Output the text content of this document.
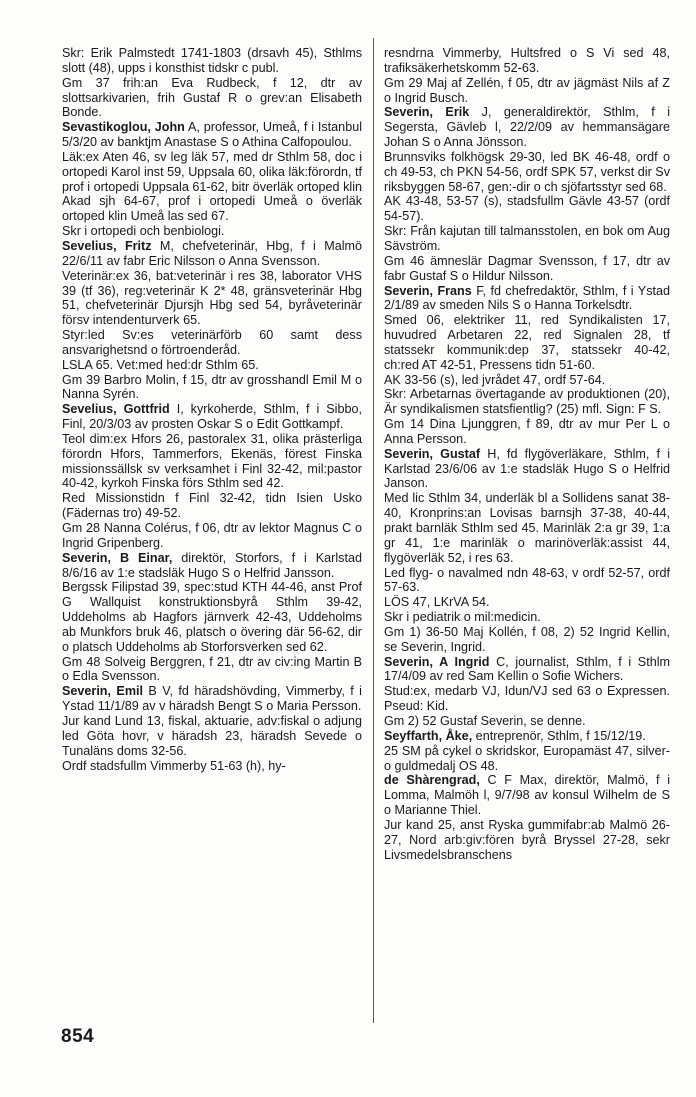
Skr: Erik Palmstedt 1741-1803 (drsavh 45), Sthlms slott (48), upps i konsthist tidskr c publ.

Gm 37 frih:an Eva Rudbeck, f 12, dtr av slottsarkivarien, frih Gustaf R o grev:an Elisabeth Bonde.

Sevastikoglou, John A, professor, Umeå, f i Istanbul 5/3/20 av banktjm Anastase S o Athina Calfopoulou.

Läk:ex Aten 46, sv leg läk 57, med dr Sthlm 58, doc i ortopedi Karol inst 59, Uppsala 60, olika läk:förordn, tf prof i ortopedi Uppsala 61-62, bitr överläk ortoped klin Akad sjh 64-67, prof i ortopedi Umeå o överläk ortoped klin Umeå las sed 67.

Skr i ortopedi och benbiologi.

Sevelius, Fritz M, chefveterinär, Hbg, f i Malmö 22/6/11 av fabr Eric Nilsson o Anna Svensson.

Veterinär:ex 36, bat:veterinär i res 38, laborator VHS 39 (tf 36), reg:veterinär K 2* 48, gränsveterinär Hbg 51, chefveterinär Djursjh Hbg sed 54, byråveterinär försv intendenturverk 65.

Styr:led Sv:es veterinärförb 60 samt dess ansvarighetsnd o förtroenderåd.

LSLA 65. Vet:med hed:dr Sthlm 65.

Gm 39 Barbro Molin, f 15, dtr av grosshandl Emil M o Nanna Syrén.

Sevelius, Gottfrid I, kyrkoherde, Sthlm, f i Sibbo, Finl, 20/3/03 av prosten Oskar S o Edit Gottkampf.

Teol dim:ex Hfors 26, pastoralex 31, olika prästerliga förordn Hfors, Tammerfors, Ekenäs, förest Finska missionssällsk sv verksamhet i Finl 32-42, mil:pastor 40-42, kyrkoh Finska förs Sthlm sed 42.

Red Missionstidn f Finl 32-42, tidn Isien Usko (Fädernas tro) 49-52.

Gm 28 Nanna Colérus, f 06, dtr av lektor Magnus C o Ingrid Gripenberg.

Severin, B Einar, direktör, Storfors, f i Karlstad 8/6/16 av 1:e stadsläk Hugo S o Helfrid Jansson.

Bergssk Filipstad 39, spec:stud KTH 44-46, anst Prof G Wallquist konstruktionsbyrå Sthlm 39-42, Uddeholms ab Hagfors järnverk 42-43, Uddeholms ab Munkfors bruk 46, platsch o övering där 56-62, dir o platsch Uddeholms ab Storforsverken sed 62.

Gm 48 Solveig Berggren, f 21, dtr av civ:ing Martin B o Edla Svensson.

Severin, Emil B V, fd häradshövding, Vimmerby, f i Ystad 11/1/89 av v häradsh Bengt S o Maria Persson.

Jur kand Lund 13, fiskal, aktuarie, adv:fiskal o adjung led Göta hovr, v häradsh 23, häradsh Sevede o Tunaläns doms 32-56.

Ordf stadsfullm Vimmerby 51-63 (h), hy-

resndrna Vimmerby, Hultsfred o S Vi sed 48, trafiksäkerhetskomm 52-63.

Gm 29 Maj af Zellén, f 05, dtr av jägmäst Nils af Z o Ingrid Busch.

Severin, Erik J, generaldirektör, Sthlm, f i Segersta, Gävleb l, 22/2/09 av hemmansägare Johan S o Anna Jönsson.

Brunnsviks folkhögsk 29-30, led BK 46-48, ordf o ch 49-53, ch PKN 54-56, ordf SPK 57, verkst dir Sv riksbyggen 58-67, gen:-dir o ch sjöfartsstyr sed 68.

AK 43-48, 53-57 (s), stadsfullm Gävle 43-57 (ordf 54-57).

Skr: Från kajutan till talmansstolen, en bok om Aug Sävström.

Gm 46 ämneslär Dagmar Svensson, f 17, dtr av fabr Gustaf S o Hildur Nilsson.

Severin, Frans F, fd chefredaktör, Sthlm, f i Ystad 2/1/89 av smeden Nils S o Hanna Torkelsdtr.

Smed 06, elektriker 11, red Syndikalisten 17, huvudred Arbetaren 22, red Signalen 28, tf statssekr kommunik:dep 37, statssekr 40-42, ch:red AT 42-51, Pressens tidn 51-60.

AK 33-56 (s), led jvrådet 47, ordf 57-64.

Skr: Arbetarnas övertagande av produktionen (20), Är syndikalismen statsfientlig? (25) mfl. Sign: F S.

Gm 14 Dina Ljunggren, f 89, dtr av mur Per L o Anna Persson.

Severin, Gustaf H, fd flygöverläkare, Sthlm, f i Karlstad 23/6/06 av 1:e stadsläk Hugo S o Helfrid Janson.

Med lic Sthlm 34, underläk bl a Sollidens sanat 38-40, Kronprins:an Lovisas barnsjh 37-38, 40-44, prakt barnläk Sthlm sed 45. Marinläk 2:a gr 39, 1:a gr 41, 1:e marinläk o marinöverläk:assist 44, flygöverläk 52, i res 63.

Led flyg- o navalmed ndn 48-63, v ordf 52-57, ordf 57-63.

LÖS 47, LKrVA 54.

Skr i pediatrik o mil:medicin.

Gm 1) 36-50 Maj Kollén, f 08, 2) 52 Ingrid Kellin, se Severin, Ingrid.

Severin, A Ingrid C, journalist, Sthlm, f i Sthlm 17/4/09 av red Sam Kellin o Sofie Wichers.

Stud:ex, medarb VJ, Idun/VJ sed 63 o Expressen. Pseud: Kid.

Gm 2) 52 Gustaf Severin, se denne.

Seyffarth, Åke, entreprenör, Sthlm, f 15/12/19.

25 SM på cykel o skridskor, Europamäst 47, silver- o guldmedalj OS 48.

de Shàrengrad, C F Max, direktör, Malmö, f i Lomma, Malmöh l, 9/7/98 av konsul Wilhelm de S o Marianne Thiel.

Jur kand 25, anst Ryska gummifabr:ab Malmö 26-27, Nord arb:giv:fören byrå Bryssel 27-28, sekr Livsmedelsbranschens

854
